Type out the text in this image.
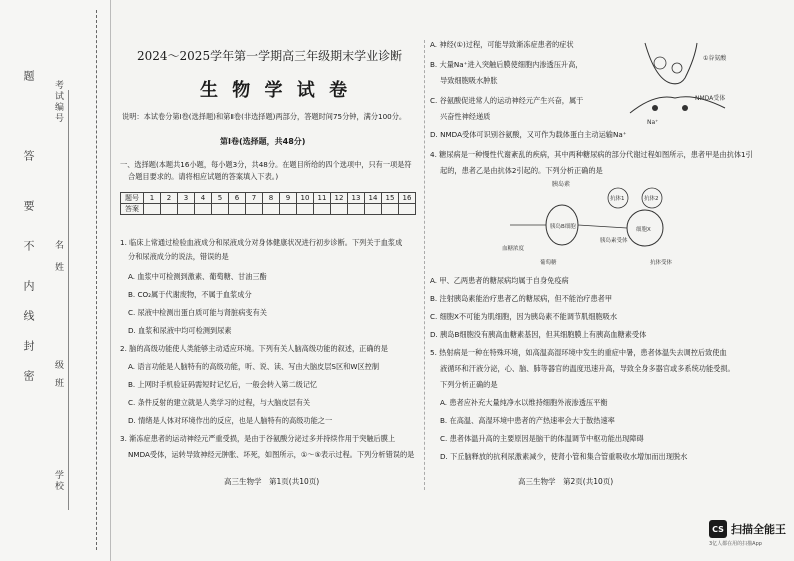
考试编号
题
答
要
不 名
姓
内
线
封
密
级
班
学校
2024～2025学年第一学期高三年级期末学业诊断
生 物 学 试 卷
说明：本试卷分第Ⅰ卷(选择题)和第Ⅱ卷(非选择题)两部分，答题时间75分钟，满分100分。
第Ⅰ卷(选择题，共48分)
一、选择题(本题共16小题，每小题3分，共48分。在题目所给的四个选项中，只有一项是符
合题目要求的。请将相应试题的答案填入下表。)
题号	1	2	3	4	5	6	7	8	9	10	11	12	13	14	15	16
答案																
1. 临床上常通过检验血液成分和尿液成分对身体健康状况进行初步诊断。下列关于血浆成
分和尿液成分的说法，错误的是
A. 血浆中可检测到激素、葡萄糖、甘油三酯
B. CO₂属于代谢废物，不属于血浆成分
C. 尿液中检测出蛋白质可能与肾脏病变有关
D. 血浆和尿液中均可检测到尿素
2. 脑的高级功能使人类能够主动适应环境。下列有关人脑高级功能的叙述，正确的是
A. 语言功能是人脑特有的高级功能，听、说、读、写由大脑皮层S区和W区控制
B. 上网时手机验证码需短时记忆后，一般会转入第二级记忆
C. 条件反射的建立就是人类学习的过程，与大脑皮层有关
D. 情绪是人体对环境作出的反应，也是人脑特有的高级功能之一
3. 渐冻症患者的运动神经元严重受损，是由于谷氨酸分泌过多并持续作用于突触后膜上
NMDA受体，运转导致神经元肿胀、坏死，如图所示，①～⑤表示过程。下列分析错误的是
高三生物学　第1页(共10页)
A. 神经(①)过程，可能导致渐冻症患者的症状
B. 大量Na⁺进入突触后膜使细胞内渗透压升高，
导致细胞吸水肿胀
C. 谷氨酸促进常人的运动神经元产生兴奋，属于
兴奋性神经递质
D. NMDA受体可识别谷氨酸，又可作为载体蛋白主动运输Na⁺
①谷氨酸
NMDA受体
Na⁺
4. 糖尿病是一种慢性代谢紊乱的疾病，其中两种糖尿病的部分代谢过程如图所示，患者甲是由抗体1引
起的，患者乙是由抗体2引起的。下列分析正确的是
胰岛素
抗体1	抗体2
胰岛B细胞
血糖浓度
葡萄糖
细胞X
胰岛素受体
抗体受体
A. 甲、乙两患者的糖尿病均属于自身免疫病
B. 注射胰岛素能治疗患者乙的糖尿病，但不能治疗患者甲
C. 细胞X不可能为肌细胞，因为胰岛素不能调节肌细胞吸水
D. 胰岛B细胞没有胰高血糖素基因，但其细胞膜上有胰高血糖素受体
5. 热射病是一种在特殊环境，如高温高湿环境中发生的重症中暑，患者体温失去调控后致使血
液循环和汗液分泌，心、脑、肺等器官的温度迅速升高，导致全身多器官或多系统功能受损。
下列分析正确的是
A. 患者应补充大量纯净水以维持细胞外液渗透压平衡
B. 在高温、高湿环境中患者的产热速率会大于散热速率
C. 患者体温升高的主要原因是脑干的体温调节中枢功能出现障碍
D. 下丘脑释放的抗利尿激素减少，使肾小管和集合管重吸收水增加而出现脱水
高三生物学　第2页(共10页)
CS 扫描全能王
3亿人都在用的扫描App
